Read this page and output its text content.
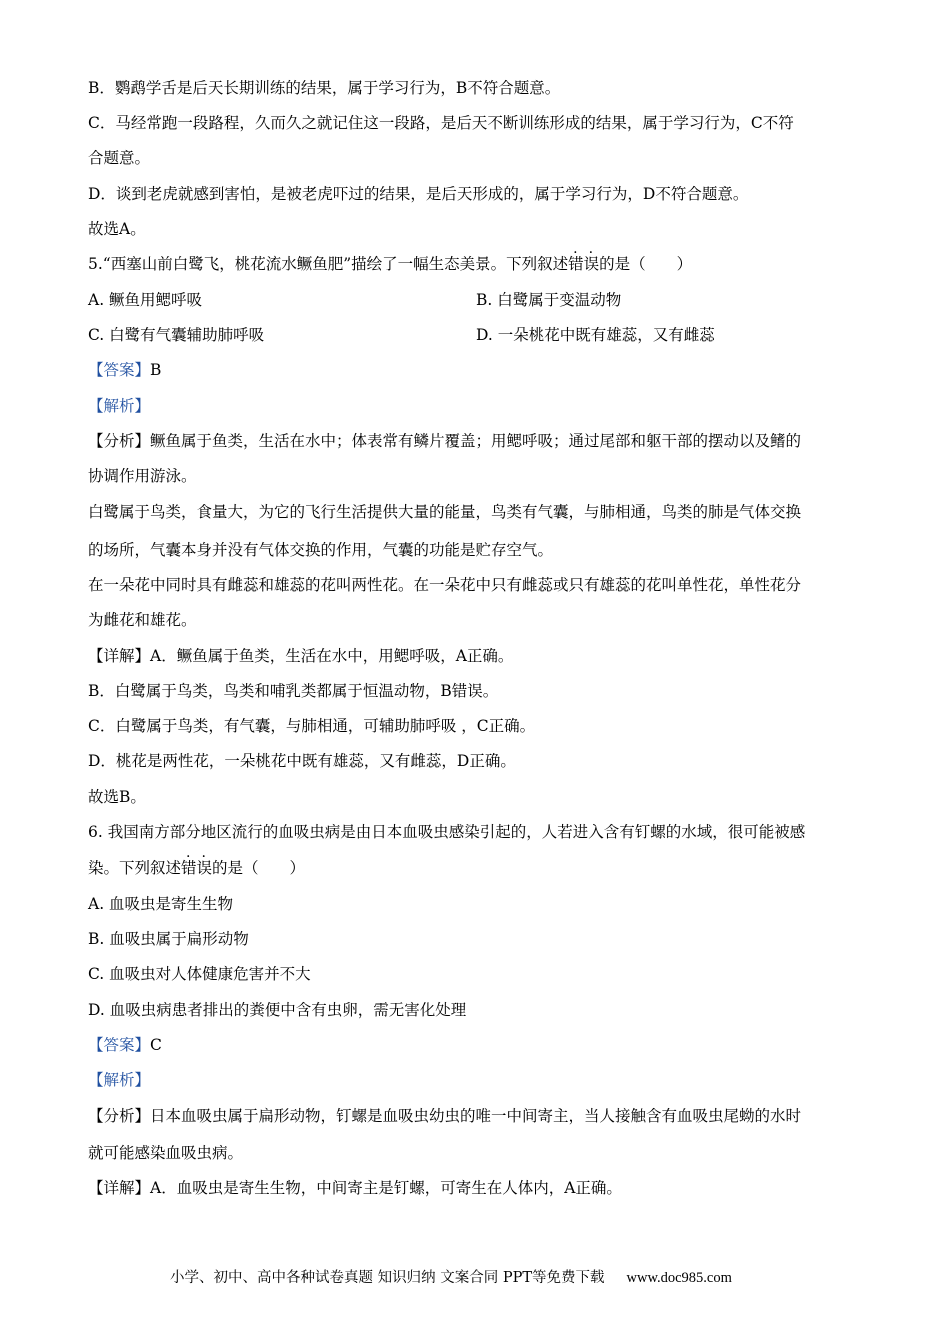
B．鹦鹉学舌是后天长期训练的结果，属于学习行为，B不符合题意。
C．马经常跑一段路程，久而久之就记住这一段路，是后天不断训练形成的结果，属于学习行为，C不符
合题意。
D．谈到老虎就感到害怕，是被老虎吓过的结果，是后天形成的，属于学习行为，D不符合题意。
故选A。
5.“西塞山前白鹭飞，桃花流水鳜鱼肥”描绘了一幅生态美景。下列叙述错误的是（　　）
A. 鳜鱼用鳃呼吸	B. 白鹭属于变温动物
C. 白鹭有气囊辅助肺呼吸	D. 一朵桃花中既有雄蕊，又有雌蕊
【答案】B
【解析】
【分析】鳜鱼属于鱼类，生活在水中；体表常有鳞片覆盖；用鳃呼吸；通过尾部和躯干部的摆动以及鳍的
协调作用游泳。
白鹭属于鸟类，食量大，为它的飞行生活提供大量的能量，鸟类有气囊，与肺相通，鸟类的肺是气体交换
的场所，气囊本身并没有气体交换的作用，气囊的功能是贮存空气。
在一朵花中同时具有雌蕊和雄蕊的花叫两性花。在一朵花中只有雌蕊或只有雄蕊的花叫单性花，单性花分
为雌花和雄花。
【详解】A．鳜鱼属于鱼类，生活在水中，用鳃呼吸，A正确。
B．白鹭属于鸟类，鸟类和哺乳类都属于恒温动物，B错误。
C．白鹭属于鸟类，有气囊，与肺相通，可辅助肺呼吸 ，C正确。
D．桃花是两性花，一朵桃花中既有雄蕊，又有雌蕊，D正确。
故选B。
6. 我国南方部分地区流行的血吸虫病是由日本血吸虫感染引起的，人若进入含有钉螺的水域，很可能被感
染。下列叙述错误的是（　　）
A. 血吸虫是寄生生物
B. 血吸虫属于扁形动物
C. 血吸虫对人体健康危害并不大
D. 血吸虫病患者排出的粪便中含有虫卵，需无害化处理
【答案】C
【解析】
【分析】日本血吸虫属于扁形动物，钉螺是血吸虫幼虫的唯一中间寄主，当人接触含有血吸虫尾蚴的水时
就可能感染血吸虫病。
【详解】A．血吸虫是寄生生物，中间寄主是钉螺，可寄生在人体内，A正确。
小学、初中、高中各种试卷真题 知识归纳 文案合同 PPT等免费下载 www.doc985.com
